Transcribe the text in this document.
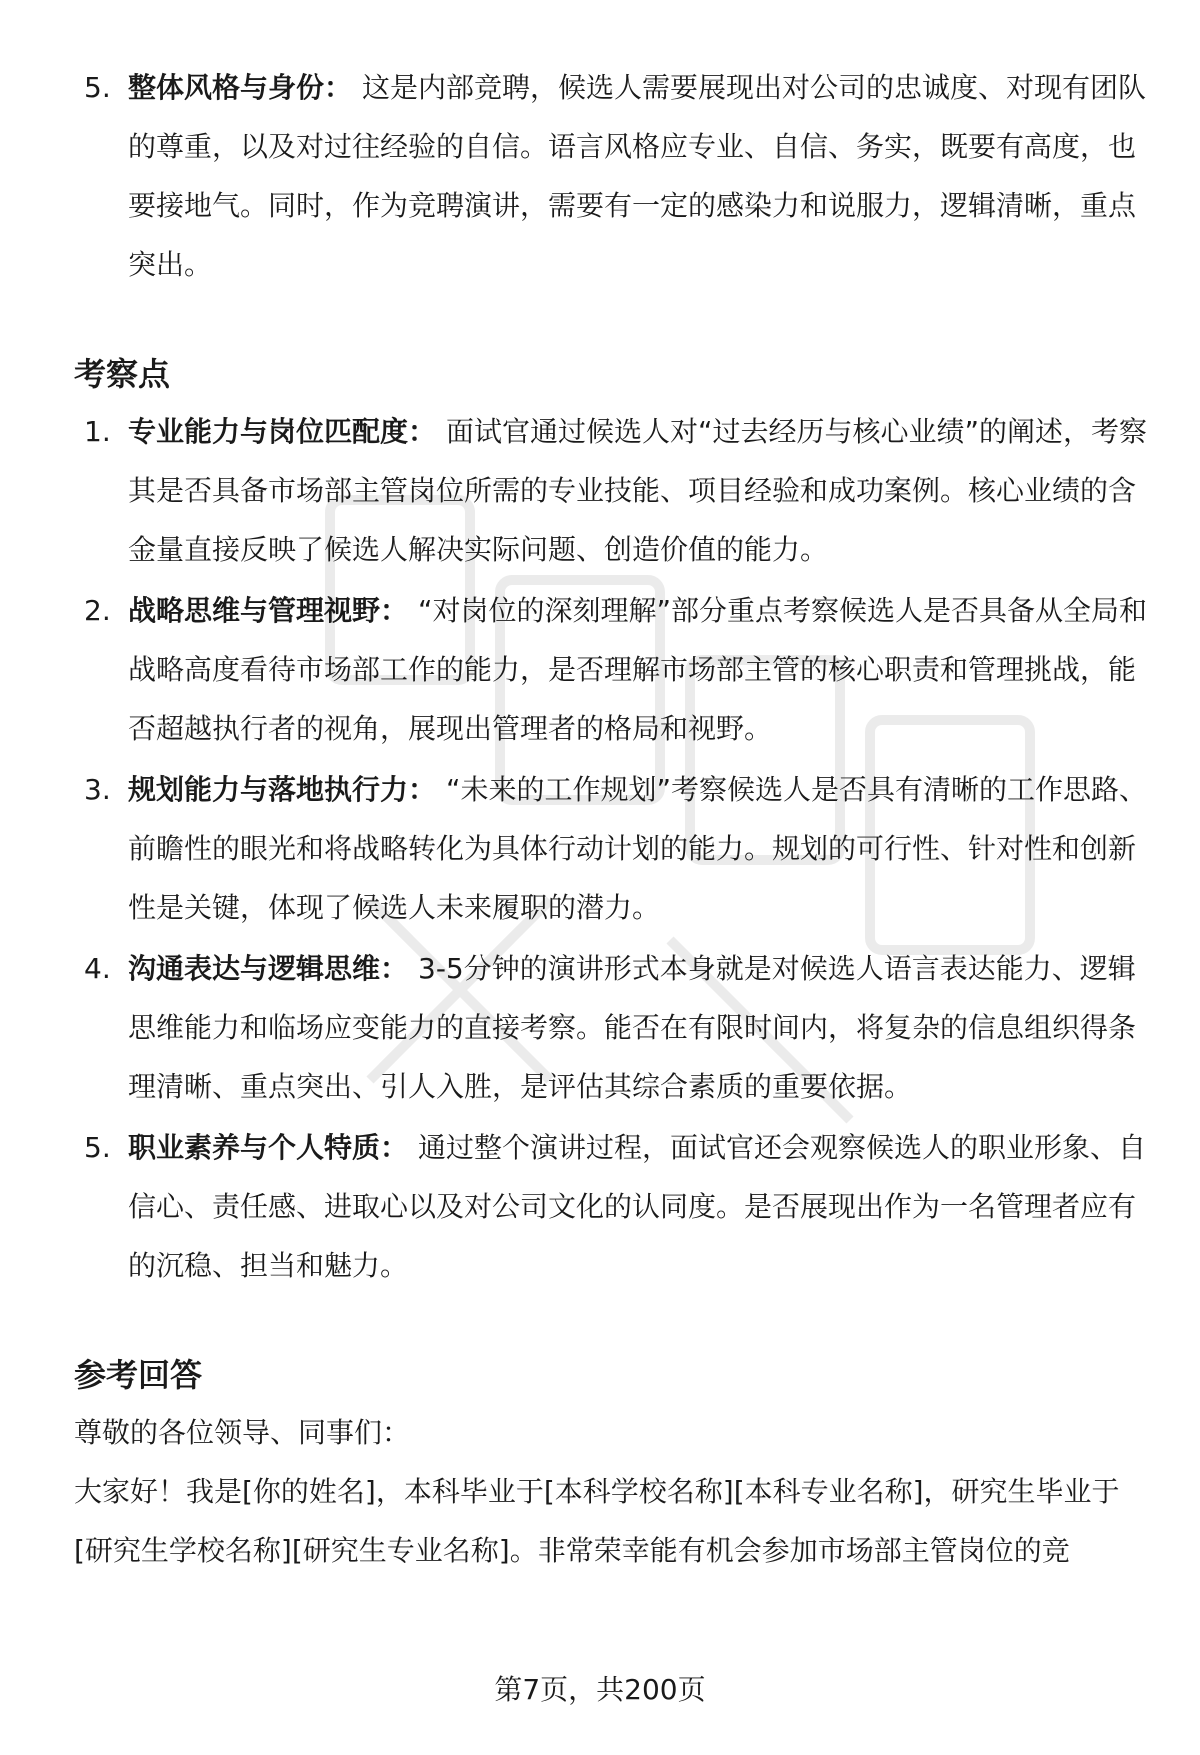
5. 整体风格与身份： 这是内部竞聘，候选人需要展现出对公司的忠诚度、对现有团队的尊重，以及对过往经验的自信。语言风格应专业、自信、务实，既要有高度，也要接地气。同时，作为竞聘演讲，需要有一定的感染力和说服力，逻辑清晰，重点突出。
考察点
1. 专业能力与岗位匹配度： 面试官通过候选人对“过去经历与核心业绩”的阐述，考察其是否具备市场部主管岗位所需的专业技能、项目经验和成功案例。核心业绩的含金量直接反映了候选人解决实际问题、创造价值的能力。
2. 战略思维与管理视野： “对岗位的深刻理解”部分重点考察候选人是否具备从全局和战略高度看待市场部工作的能力，是否理解市场部主管的核心职责和管理挑战，能否超越执行者的视角，展现出管理者的格局和视野。
3. 规划能力与落地执行力： “未来的工作规划”考察候选人是否具有清晰的工作思路、前瞻性的眼光和将战略转化为具体行动计划的能力。规划的可行性、针对性和创新性是关键，体现了候选人未来履职的潜力。
4. 沟通表达与逻辑思维： 3-5分钟的演讲形式本身就是对候选人语言表达能力、逻辑思维能力和临场应变能力的直接考察。能否在有限时间内，将复杂的信息组织得条理清晰、重点突出、引人入胜，是评估其综合素质的重要依据。
5. 职业素养与个人特质： 通过整个演讲过程，面试官还会观察候选人的职业形象、自信心、责任感、进取心以及对公司文化的认同度。是否展现出作为一名管理者应有的沉稳、担当和魅力。
参考回答

尊敬的各位领导、同事们：

大家好！我是[你的姓名]，本科毕业于[本科学校名称][本科专业名称]，研究生毕业于[研究生学校名称][研究生专业名称]。非常荣幸能有机会参加市场部主管岗位的竞

第7页，共200页
